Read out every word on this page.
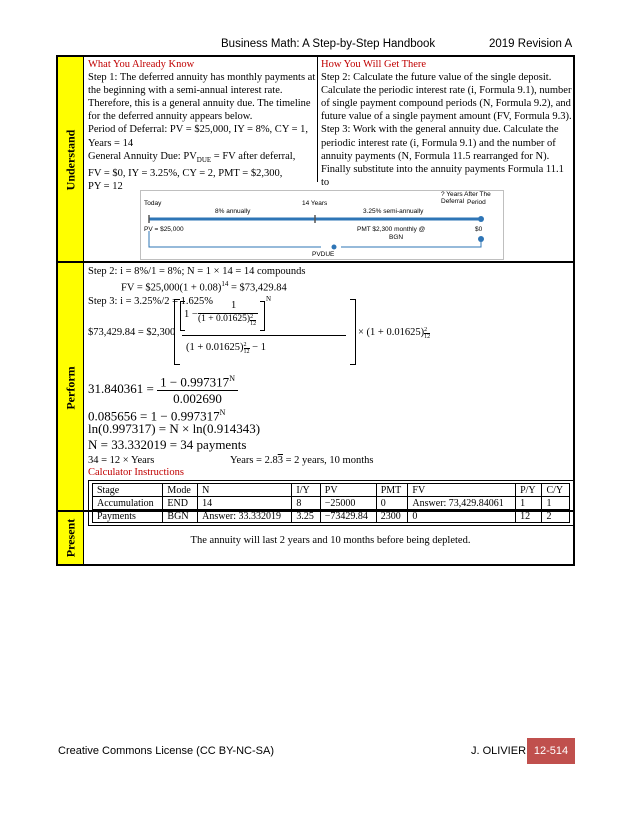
Business Math: A Step-by-Step Handbook	2019 Revision A
Understand
Perform
Present
What You Already Know
Step 1: The deferred annuity has monthly payments at
the beginning with a semi-annual interest rate.
Therefore, this is a general annuity due. The timeline
for the deferred annuity appears below.
Period of Deferral: PV = $25,000, IY = 8%, CY = 1,
Years = 14
General Annuity Due: $PV_{DUE}$ = FV after deferral,
FV = $0, IY = 3.25%, CY = 2, PMT = $2,300,
PY = 12
How You Will Get There
Step 2: Calculate the future value of the single deposit.
Calculate the periodic interest rate (i, Formula 9.1), number
of single payment compound periods (N, Formula 9.2), and
future value of a single payment amount (FV, Formula 9.3).
Step 3: Work with the general annuity due. Calculate the
periodic interest rate (i, Formula 9.1) and the number of
annuity payments (N, Formula 11.5 rearranged for N).
Finally substitute into the annuity payments Formula 11.1 to
Today
8% annually
14 Years
3.25% semi-annually
? Years After The Deferral Period
PV = $25,000	PMT $2,300 monthly @
BGN
$0
PVDUE
Step 2: i = 8%/1 = 8%; N = 1 × 14 = 14 compounds
FV = $25,000(1 + 0.08)$^{14}$ = $73,429.84
Step 3: i = 3.25%/2 = 1.625%
$73,429.84 = $2,300
1 −
1
$(1 + 0.01625) \frac{2}{12}$
N
$(1 + 0.01625) \frac{2}{12} - 1$
× $(1 + 0.01625) \frac{2}{12}$
$31.840361 = \frac{1 - 0.997317^N}{0.002690}$
$0.085656 = 1 - 0.997317^N$
ln(0.997317) = N × ln(0.914343)
N = 33.332019 = 34 payments
34 = 12 × Years	Years = 2.83 = 2 years, 10 months
Calculator Instructions
Stage	Mode	N	I/Y	PV	PMT	FV	P/Y	C/Y
Accumulation	END	14	8	−25000	0	Answer: 73,429.84061	1	1
Payments	BGN	Answer: 33.332019	3.25	−73429.84	2300	0	12	2
The annuity will last 2 years and 10 months before being depleted.
Creative Commons License (CC BY-NC-SA)	J. OLIVIER 12-514
